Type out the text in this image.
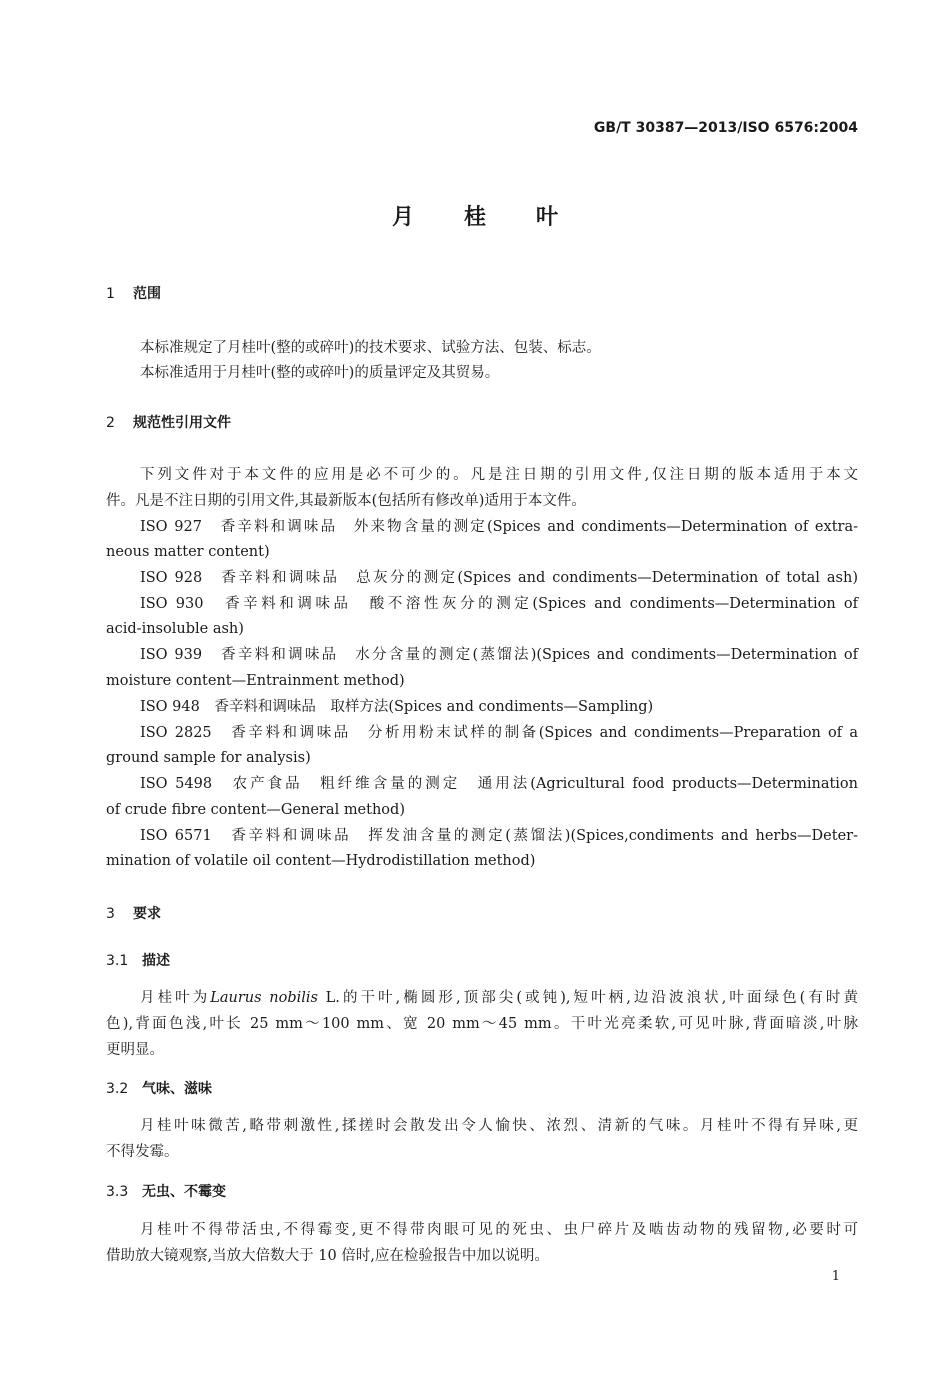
GB/T 30387—2013/ISO 6576:2004
月桂叶
1 范围
本标准规定了月桂叶(整的或碎叶)的技术要求、试验方法、包装、标志。
本标准适用于月桂叶(整的或碎叶)的质量评定及其贸易。
2 规范性引用文件
下列文件对于本文件的应用是必不可少的。凡是注日期的引用文件,仅注日期的版本适用于本文
件。凡是不注日期的引用文件,其最新版本(包括所有修改单)适用于本文件。
ISO 927　香辛料和调味品　外来物含量的测定(Spices and condiments—Determination of extra-
neous matter content)
ISO 928　香辛料和调味品　总灰分的测定(Spices and condiments—Determination of total ash)
ISO 930　香辛料和调味品　酸不溶性灰分的测定(Spices and condiments—Determination of
acid-insoluble ash)
ISO 939　香辛料和调味品　水分含量的测定(蒸馏法)(Spices and condiments—Determination of
moisture content—Entrainment method)
ISO 948　香辛料和调味品　取样方法(Spices and condiments—Sampling)
ISO 2825　香辛料和调味品　分析用粉末试样的制备(Spices and condiments—Preparation of a
ground sample for analysis)
ISO 5498　农产食品　粗纤维含量的测定　通用法(Agricultural food products—Determination
of crude fibre content—General method)
ISO 6571　香辛料和调味品　挥发油含量的测定(蒸馏法)(Spices,condiments and herbs—Deter-
mination of volatile oil content—Hydrodistillation method)
3 要求
3.1 描述
月桂叶为Laurus nobilis L.的干叶,椭圆形,顶部尖(或钝),短叶柄,边沿波浪状,叶面绿色(有时黄
色),背面色浅,叶长 25 mm～100 mm、宽 20 mm～45 mm。干叶光亮柔软,可见叶脉,背面暗淡,叶脉
更明显。
3.2 气味、滋味
月桂叶味微苦,略带刺激性,揉搓时会散发出令人愉快、浓烈、清新的气味。月桂叶不得有异味,更
不得发霉。
3.3 无虫、不霉变
月桂叶不得带活虫,不得霉变,更不得带肉眼可见的死虫、虫尸碎片及啮齿动物的残留物,必要时可
借助放大镜观察,当放大倍数大于 10 倍时,应在检验报告中加以说明。
1
